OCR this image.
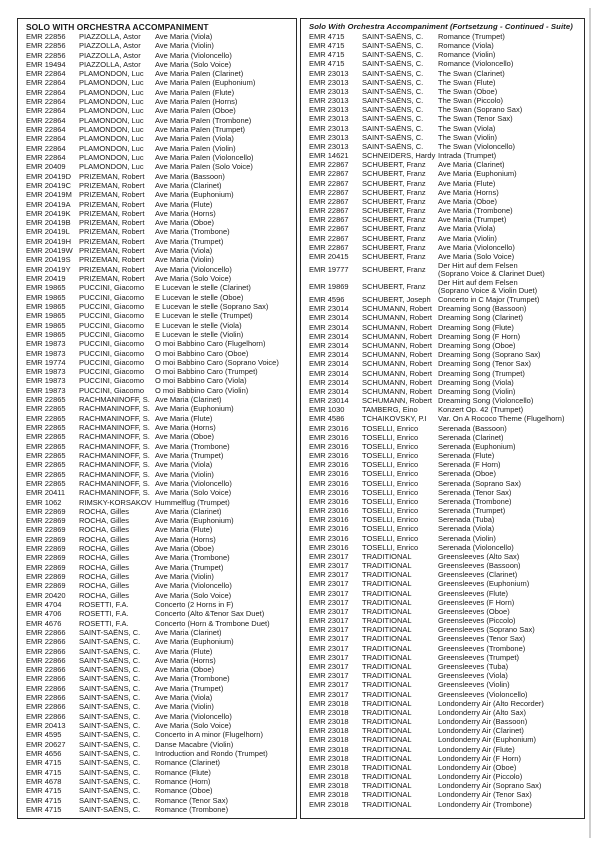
SOLO WITH ORCHESTRA ACCOMPANIMENT
EMR 22856	PIAZZOLLA, Astor	Ave Maria (Viola)
EMR 22856	PIAZZOLLA, Astor	Ave Maria (Violin)
EMR 22856	PIAZZOLLA, Astor	Ave Maria (Violoncello)
EMR 19494	PIAZZOLLA, Astor	Ave Maria (Solo Voice)
EMR 22864	PLAMONDON, Luc	Ave Maria Païen (Clarinet)
EMR 22864	PLAMONDON, Luc	Ave Maria Païen (Euphonium)
EMR 22864	PLAMONDON, Luc	Ave Maria Païen (Flute)
EMR 22864	PLAMONDON, Luc	Ave Maria Païen (Horns)
EMR 22864	PLAMONDON, Luc	Ave Maria Païen (Oboe)
EMR 22864	PLAMONDON, Luc	Ave Maria Païen (Trombone)
EMR 22864	PLAMONDON, Luc	Ave Maria Païen (Trumpet)
EMR 22864	PLAMONDON, Luc	Ave Maria Païen (Viola)
EMR 22864	PLAMONDON, Luc	Ave Maria Païen (Violin)
EMR 22864	PLAMONDON, Luc	Ave Maria Païen (Violoncello)
EMR 20409	PLAMONDON, Luc	Ave Maria Païen (Solo Voice)
EMR 20419D	PRIZEMAN, Robert	Ave Maria (Bassoon)
EMR 20419C	PRIZEMAN, Robert	Ave Maria (Clarinet)
EMR 20419M PRIZEMAN, Robert	Ave Maria (Euphonium)
EMR 20419A	PRIZEMAN, Robert	Ave Maria (Flute)
EMR 20419K	PRIZEMAN, Robert	Ave Maria (Horns)
EMR 20419B	PRIZEMAN, Robert	Ave Maria (Oboe)
EMR 20419L	PRIZEMAN, Robert	Ave Maria (Trombone)
EMR 20419H	PRIZEMAN, Robert	Ave Maria (Trumpet)
EMR 20419W PRIZEMAN, Robert	Ave Maria (Viola)
EMR 20419S	PRIZEMAN, Robert	Ave Maria (Violin)
EMR 20419Y	PRIZEMAN, Robert	Ave Maria (Violoncello)
EMR 20419	PRIZEMAN, Robert	Ave Maria (Solo Voice)
EMR 19865	PUCCINI, Giacomo	E Lucevan le stelle (Clarinet)
EMR 19865	PUCCINI, Giacomo	E Lucevan le stelle (Oboe)
EMR 19865	PUCCINI, Giacomo	E Lucevan le stelle (Soprano Sax)
EMR 19865	PUCCINI, Giacomo	E Lucevan le stelle (Trumpet)
EMR 19865	PUCCINI, Giacomo	E Lucevan le stelle (Viola)
EMR 19865	PUCCINI, Giacomo	E Lucevan le stelle (Violin)
EMR 19873	PUCCINI, Giacomo	O moi Babbino Caro (Flugelhorn)
EMR 19873	PUCCINI, Giacomo	O moi Babbino Caro (Oboe)
EMR 19774	PUCCINI, Giacomo	O moi Babbino Caro (Soprano Voice)
EMR 19873	PUCCINI, Giacomo	O moi Babbino Caro (Trumpet)
EMR 19873	PUCCINI, Giacomo	O moi Babbino Caro (Viola)
EMR 19873	PUCCINI, Giacomo	O moi Babbino Caro (Violin)
EMR 22865	RACHMANINOFF, S. Ave Maria (Clarinet)
EMR 22865	RACHMANINOFF, S. Ave Maria (Euphonium)
EMR 22865	RACHMANINOFF, S. Ave Maria (Flute)
EMR 22865	RACHMANINOFF, S. Ave Maria (Horns)
EMR 22865	RACHMANINOFF, S. Ave Maria (Oboe)
EMR 22865	RACHMANINOFF, S. Ave Maria (Trombone)
EMR 22865	RACHMANINOFF, S. Ave Maria (Trumpet)
EMR 22865	RACHMANINOFF, S. Ave Maria (Viola)
EMR 22865	RACHMANINOFF, S. Ave Maria (Violin)
EMR 22865	RACHMANINOFF, S. Ave Maria (Violoncello)
EMR 20411	RACHMANINOFF, S. Ave Maria (Solo Voice)
EMR 1062	RIMSKY-KORSAKOV Hummelflug (Trumpet)
EMR 22869	ROCHA, Gilles	Ave Maria (Clarinet)
EMR 22869	ROCHA, Gilles	Ave Maria (Euphonium)
EMR 22869	ROCHA, Gilles	Ave Maria (Flute)
EMR 22869	ROCHA, Gilles	Ave Maria (Horns)
EMR 22869	ROCHA, Gilles	Ave Maria (Oboe)
EMR 22869	ROCHA, Gilles	Ave Maria (Trombone)
EMR 22869	ROCHA, Gilles	Ave Maria (Trumpet)
EMR 22869	ROCHA, Gilles	Ave Maria (Violin)
EMR 22869	ROCHA, Gilles	Ave Maria (Violoncello)
EMR 20420	ROCHA, Gilles	Ave Maria (Solo Voice)
EMR 4704	ROSETTI, F.A.	Concerto (2 Horns in F)
EMR 4706	ROSETTI, F.A.	Concerto (Alto &Tenor Sax Duet)
EMR 4676	ROSETTI, F.A.	Concerto (Horn & Trombone Duet)
EMR 22866	SAINT-SAËNS, C.	Ave Maria (Clarinet)
EMR 22866	SAINT-SAËNS, C.	Ave Maria (Euphonium)
EMR 22866	SAINT-SAËNS, C.	Ave Maria (Flute)
EMR 22866	SAINT-SAËNS, C.	Ave Maria (Horns)
EMR 22866	SAINT-SAËNS, C.	Ave Maria (Oboe)
EMR 22866	SAINT-SAËNS, C.	Ave Maria (Trombone)
EMR 22866	SAINT-SAËNS, C.	Ave Maria (Trumpet)
EMR 22866	SAINT-SAËNS, C.	Ave Maria (Viola)
EMR 22866	SAINT-SAËNS, C.	Ave Maria (Violin)
EMR 22866	SAINT-SAËNS, C.	Ave Maria (Violoncello)
EMR 20413	SAINT-SAËNS, C.	Ave Maria (Solo Voice)
EMR 4595	SAINT-SAËNS, C.	Concerto in A minor (Flugelhorn)
EMR 20627	SAINT-SAËNS, C.	Danse Macabre (Violin)
EMR 4656	SAINT-SAËNS, C.	Introduction and Rondo (Trumpet)
EMR 4715	SAINT-SAËNS, C.	Romance (Clarinet)
EMR 4715	SAINT-SAËNS, C.	Romance (Flute)
EMR 4678	SAINT-SAËNS, C.	Romance (Horn)
EMR 4715	SAINT-SAËNS, C.	Romance (Oboe)
EMR 4715	SAINT-SAËNS, C.	Romance (Tenor Sax)
EMR 4715	SAINT-SAËNS, C.	Romance (Trombone)
Solo With Orchestra Accompaniment (Fortsetzung - Continued - Suite)
EMR 4715	SAINT-SAËNS, C.	Romance (Trumpet)
EMR 4715	SAINT-SAËNS, C.	Romance (Viola)
EMR 4715	SAINT-SAËNS, C.	Romance (Violin)
EMR 4715	SAINT-SAËNS, C.	Romance (Violoncello)
EMR 23013	SAINT-SAËNS, C.	The Swan (Clarinet)
EMR 23013	SAINT-SAËNS, C.	The Swan (Flute)
EMR 23013	SAINT-SAËNS, C.	The Swan (Oboe)
EMR 23013	SAINT-SAËNS, C.	The Swan (Piccolo)
EMR 23013	SAINT-SAËNS, C.	The Swan (Soprano Sax)
EMR 23013	SAINT-SAËNS, C.	The Swan (Tenor Sax)
EMR 23013	SAINT-SAËNS, C.	The Swan (Viola)
EMR 23013	SAINT-SAËNS, C.	The Swan (Violin)
EMR 23013	SAINT-SAËNS, C.	The Swan (Violoncello)
EMR 14621	SCHNEIDERS, Hardy Intrada (Trumpet)
EMR 22867	SCHUBERT, Franz	Ave Maria (Clarinet)
EMR 22867	SCHUBERT, Franz	Ave Maria (Euphonium)
EMR 22867	SCHUBERT, Franz	Ave Maria (Flute)
EMR 22867	SCHUBERT, Franz	Ave Maria (Horns)
EMR 22867	SCHUBERT, Franz	Ave Maria (Oboe)
EMR 22867	SCHUBERT, Franz	Ave Maria (Trombone)
EMR 22867	SCHUBERT, Franz	Ave Maria (Trumpet)
EMR 22867	SCHUBERT, Franz	Ave Maria (Viola)
EMR 22867	SCHUBERT, Franz	Ave Maria (Violin)
EMR 22867	SCHUBERT, Franz	Ave Maria (Violoncello)
EMR 20415	SCHUBERT, Franz	Ave Maria (Solo Voice)
EMR 19777	SCHUBERT, Franz	Der Hirt auf dem Felsen
(Soprano Voice & Clarinet Duet)
EMR 19869	SCHUBERT, Franz	Der Hirt auf dem Felsen
(Soprano Voice & Violin Duet)
EMR 4596	SCHUBERT, Joseph Concerto in C Major (Trumpet)
EMR 23014	SCHUMANN, Robert Dreaming Song (Bassoon)
EMR 23014	SCHUMANN, Robert Dreaming Song (Clarinet)
EMR 23014	SCHUMANN, Robert Dreaming Song (Flute)
EMR 23014	SCHUMANN, Robert Dreaming Song (F Horn)
EMR 23014	SCHUMANN, Robert Dreaming Song (Oboe)
EMR 23014	SCHUMANN, Robert Dreaming Song (Soprano Sax)
EMR 23014	SCHUMANN, Robert Dreaming Song (Tenor Sax)
EMR 23014	SCHUMANN, Robert Dreaming Song (Trumpet)
EMR 23014	SCHUMANN, Robert Dreaming Song (Viola)
EMR 23014	SCHUMANN, Robert Dreaming Song (Violin)
EMR 23014	SCHUMANN, Robert Dreaming Song (Violoncello)
EMR 1030	TAMBERG, Eino	Konzert Op. 42 (Trumpet)
EMR 4586	TCHAIKOVSKY, P.I	Var. On A Rococo Theme (Flugelhorn)
EMR 23016	TOSELLI, Enrico	Serenada (Bassoon)
EMR 23016	TOSELLI, Enrico	Serenada (Clarinet)
EMR 23016	TOSELLI, Enrico	Serenada (Euphonium)
EMR 23016	TOSELLI, Enrico	Serenada (Flute)
EMR 23016	TOSELLI, Enrico	Serenada (F Horn)
EMR 23016	TOSELLI, Enrico	Serenada (Oboe)
EMR 23016	TOSELLI, Enrico	Serenada (Soprano Sax)
EMR 23016	TOSELLI, Enrico	Serenada (Tenor Sax)
EMR 23016	TOSELLI, Enrico	Serenada (Trombone)
EMR 23016	TOSELLI, Enrico	Serenada (Trumpet)
EMR 23016	TOSELLI, Enrico	Serenada (Tuba)
EMR 23016	TOSELLI, Enrico	Serenada (Viola)
EMR 23016	TOSELLI, Enrico	Serenada (Violin)
EMR 23016	TOSELLI, Enrico	Serenada (Violoncello)
EMR 23017	TRADITIONAL	Greensleeves (Alto Sax)
EMR 23017	TRADITIONAL	Greensleeves (Bassoon)
EMR 23017	TRADITIONAL	Greensleeves (Clarinet)
EMR 23017	TRADITIONAL	Greensleeves (Euphonium)
EMR 23017	TRADITIONAL	Greensleeves (Flute)
EMR 23017	TRADITIONAL	Greensleeves (F Horn)
EMR 23017	TRADITIONAL	Greensleeves (Oboe)
EMR 23017	TRADITIONAL	Greensleeves (Piccolo)
EMR 23017	TRADITIONAL	Greensleeves (Soprano Sax)
EMR 23017	TRADITIONAL	Greensleeves (Tenor Sax)
EMR 23017	TRADITIONAL	Greensleeves (Trombone)
EMR 23017	TRADITIONAL	Greensleeves (Trumpet)
EMR 23017	TRADITIONAL	Greensleeves (Tuba)
EMR 23017	TRADITIONAL	Greensleeves (Viola)
EMR 23017	TRADITIONAL	Greensleeves (Violin)
EMR 23017	TRADITIONAL	Greensleeves (Violoncello)
EMR 23018	TRADITIONAL	Londonderry Air (Alto Recorder)
EMR 23018	TRADITIONAL	Londonderry Air (Alto Sax)
EMR 23018	TRADITIONAL	Londonderry Air (Bassoon)
EMR 23018	TRADITIONAL	Londonderry Air (Clarinet)
EMR 23018	TRADITIONAL	Londonderry Air (Euphonium)
EMR 23018	TRADITIONAL	Londonderry Air (Flute)
EMR 23018	TRADITIONAL	Londonderry Air (F Horn)
EMR 23018	TRADITIONAL	Londonderry Air (Oboe)
EMR 23018	TRADITIONAL	Londonderry Air (Piccolo)
EMR 23018	TRADITIONAL	Londonderry Air (Soprano Sax)
EMR 23018	TRADITIONAL	Londonderry Air (Tenor Sax)
EMR 23018	TRADITIONAL	Londonderry Air (Trombone)
